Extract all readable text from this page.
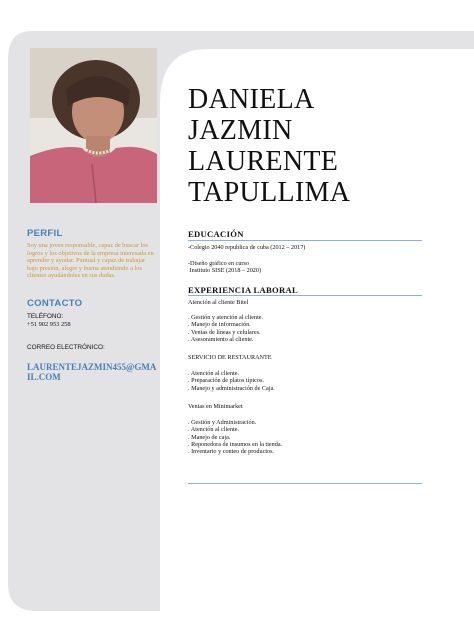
DANIELA
JAZMIN
LAURENTE
TAPULLIMA
PERFIL
Soy una joven responsable, capaz de buscar los logros y los objetivos de la empresa interesada en aprender y ayudar. Puntual y capaz de trabajar bajo presión, alegre y buena atendiendo a los clientes ayudándoles en sus dudas.
CONTACTO
TELÉFONO:
+51 902 953 258
CORREO ELECTRÓNICO:
LAURENTEJAZMIN455@GMAIL.COM
EDUCACIÓN
-Colegio 2040 republica de cuba (2012 – 2017)
-Diseño gráfico en curso
Instituto SISE (2018 – 2020)
EXPERIENCIA LABORAL
Atención al cliente Bitel
. Gestión y atención al cliente.
. Manejo de información.
. Ventas de líneas y celulares.
. Asesoramiento al cliente.
SERVICIO DE RESTAURANTE
. Atención al cliente.
. Preparación de platos típicos.
. Manejo y administración de Caja.
Ventas en Minimarket
. Gestión y Administración.
. Atención al cliente.
. Manejo de caja.
. Reponedora de insumos en la tienda.
. Inventario y conteo de productos.
